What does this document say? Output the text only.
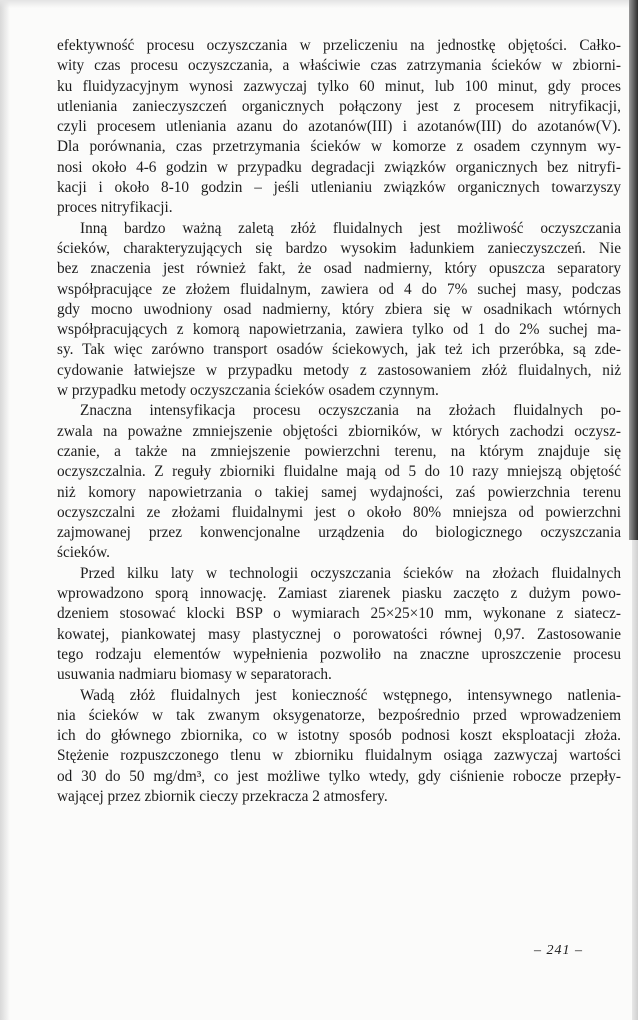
efektywność procesu oczyszczania w przeliczeniu na jednostkę objętości. Całko-
wity czas procesu oczyszczania, a właściwie czas zatrzymania ścieków w zbiorni-
ku fluidyzacyjnym wynosi zazwyczaj tylko 60 minut, lub 100 minut, gdy proces
utleniania zanieczyszczeń organicznych połączony jest z procesem nitryfikacji,
czyli procesem utleniania azanu do azotanów(III) i azotanów(III) do azotanów(V).
Dla porównania, czas przetrzymania ścieków w komorze z osadem czynnym wy-
nosi około 4-6 godzin w przypadku degradacji związków organicznych bez nitryfi-
kacji i około 8-10 godzin – jeśli utlenianiu związków organicznych towarzyszy
proces nitryfikacji.
Inną bardzo ważną zaletą złóż fluidalnych jest możliwość oczyszczania
ścieków, charakteryzujących się bardzo wysokim ładunkiem zanieczyszczeń. Nie
bez znaczenia jest również fakt, że osad nadmierny, który opuszcza separatory
współpracujące ze złożem fluidalnym, zawiera od 4 do 7% suchej masy, podczas
gdy mocno uwodniony osad nadmierny, który zbiera się w osadnikach wtórnych
współpracujących z komorą napowietrzania, zawiera tylko od 1 do 2% suchej ma-
sy. Tak więc zarówno transport osadów ściekowych, jak też ich przeróbka, są zde-
cydowanie łatwiejsze w przypadku metody z zastosowaniem złóż fluidalnych, niż
w przypadku metody oczyszczania ścieków osadem czynnym.
Znaczna intensyfikacja procesu oczyszczania na złożach fluidalnych po-
zwala na poważne zmniejszenie objętości zbiorników, w których zachodzi oczysz-
czanie, a także na zmniejszenie powierzchni terenu, na którym znajduje się
oczyszczalnia. Z reguły zbiorniki fluidalne mają od 5 do 10 razy mniejszą objętość
niż komory napowietrzania o takiej samej wydajności, zaś powierzchnia terenu
oczyszczalni ze złożami fluidalnymi jest o około 80% mniejsza od powierzchni
zajmowanej przez konwencjonalne urządzenia do biologicznego oczyszczania
ścieków.
Przed kilku laty w technologii oczyszczania ścieków na złożach fluidalnych
wprowadzono sporą innowację. Zamiast ziarenek piasku zaczęto z dużym powo-
dzeniem stosować klocki BSP o wymiarach 25×25×10 mm, wykonane z siatecz-
kowatej, piankowatej masy plastycznej o porowatości równej 0,97. Zastosowanie
tego rodzaju elementów wypełnienia pozwoliło na znaczne uproszczenie procesu
usuwania nadmiaru biomasy w separatorach.
Wadą złóż fluidalnych jest konieczność wstępnego, intensywnego natlenia-
nia ścieków w tak zwanym oksygenatorze, bezpośrednio przed wprowadzeniem
ich do głównego zbiornika, co w istotny sposób podnosi koszt eksploatacji złoża.
Stężenie rozpuszczonego tlenu w zbiorniku fluidalnym osiąga zazwyczaj wartości
od 30 do 50 mg/dm³, co jest możliwe tylko wtedy, gdy ciśnienie robocze przepły-
wającej przez zbiornik cieczy przekracza 2 atmosfery.
– 241 –
